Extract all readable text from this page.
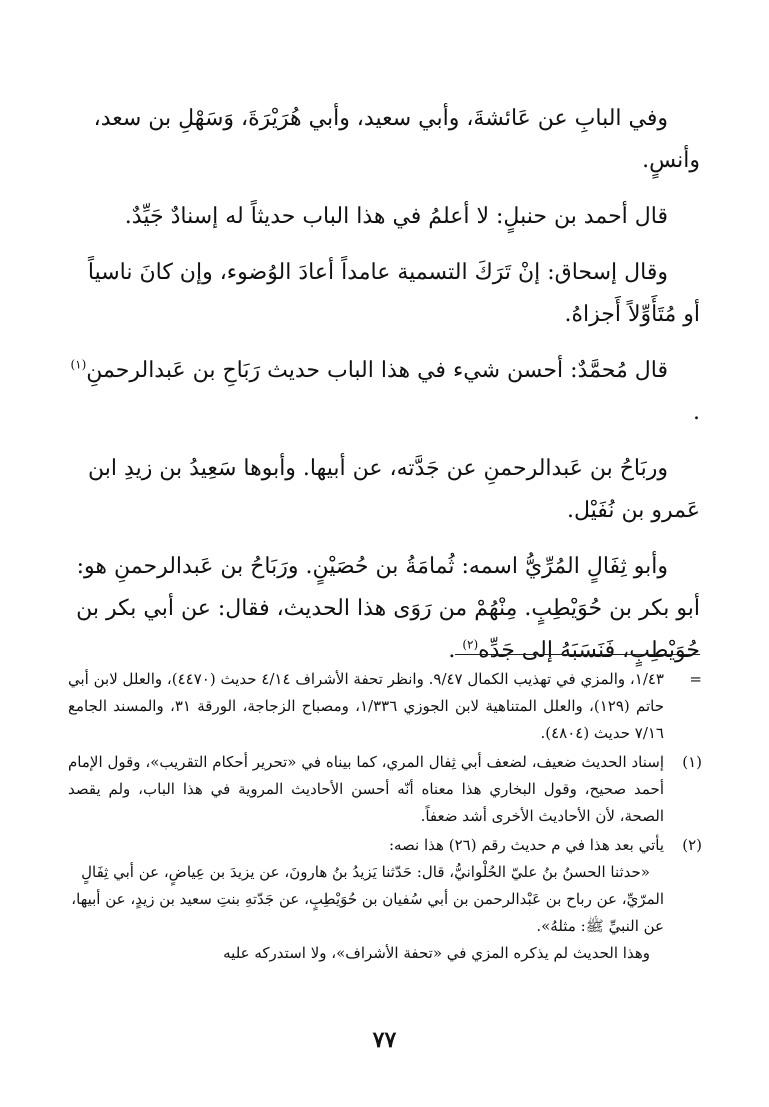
وفي البابِ عن عَائشةَ، وأبي سعيد، وأبي هُرَيْرَةَ، وَسَهْلِ بن سعد، وأنسٍ.

قال أحمد بن حنبلٍ: لا أعلمُ في هذا الباب حديثاً له إسنادٌ جَيِّدٌ.

وقال إسحاق: إنْ تَرَكَ التسمية عامداً أعادَ الوُضوء، وإن كانَ ناسياً أو مُتَأَوِّلاً أَجزاهُ.

قال مُحمَّدٌ: أحسن شيء في هذا الباب حديث رَبَاحِ بن عَبدالرحمنِ$^{(١)}$ .

وربَاحُ بن عَبدالرحمنِ عن جَدَّته، عن أبيها. وأبوها سَعِيدُ بن زيدِ ابن عَمرو بن نُفَيْل.

وأبو ثِفَالٍ المُرِّيُّ اسمه: ثُمامَةُ بن حُصَيْنٍ. ورَبَاحُ بن عَبدالرحمنِ هو: أبو بكر بن حُوَيْطِبٍ. مِنْهُمْ من رَوَى هذا الحديث، فقال: عن أبي بكر بن حُوَيْطِبٍ، فَنَسَبَهُ إلى جَدِّه$^{(٢)}$ .

=
١/٤٣، والمزي في تهذيب الكمال ٩/٤٧. وانظر تحفة الأشراف ٤/١٤ حديث (٤٤٧٠)، والعلل لابن أبي حاتم (١٢٩)، والعلل المتناهية لابن الجوزي ١/٣٣٦، ومصباح الزجاجة، الورقة ٣١، والمسند الجامع ٧/١٦ حديث (٤٨٠٤).
(١)
إسناد الحديث ضعيف، لضعف أبي ثِفال المري، كما بيناه في «تحرير أحكام التقريب»، وقول الإمام أحمد صحيح، وقول البخاري هذا معناه أنّه أحسن الأحاديث المروية في هذا الباب، ولم يقصد الصحة، لأن الأحاديث الأخرى أشد ضعفاً.
(٢)
يأتي بعد هذا في م حديث رقم (٢٦) هذا نصه:
«حدثنا الحسنُ بنُ عليّ الحُلْوانيُّ، قال: حَدّثنا يَزيدُ بنُ هارونَ، عن يزيدَ بن عِياضٍ، عن أبي ثِفَالٍ المرّيِّ، عن رباح بن عَبْدالرحمن بن أبي سُفيان بن حُوَيْطِبٍ، عن جَدّتهِ بنتِ سعيد بن زيدٍ، عن أبيها، عن النبيِّ ﷺ: مثلهُ».
وهذا الحديث لم يذكره المزي في «تحفة الأشراف»، ولا استدركه عليه
٧٧
